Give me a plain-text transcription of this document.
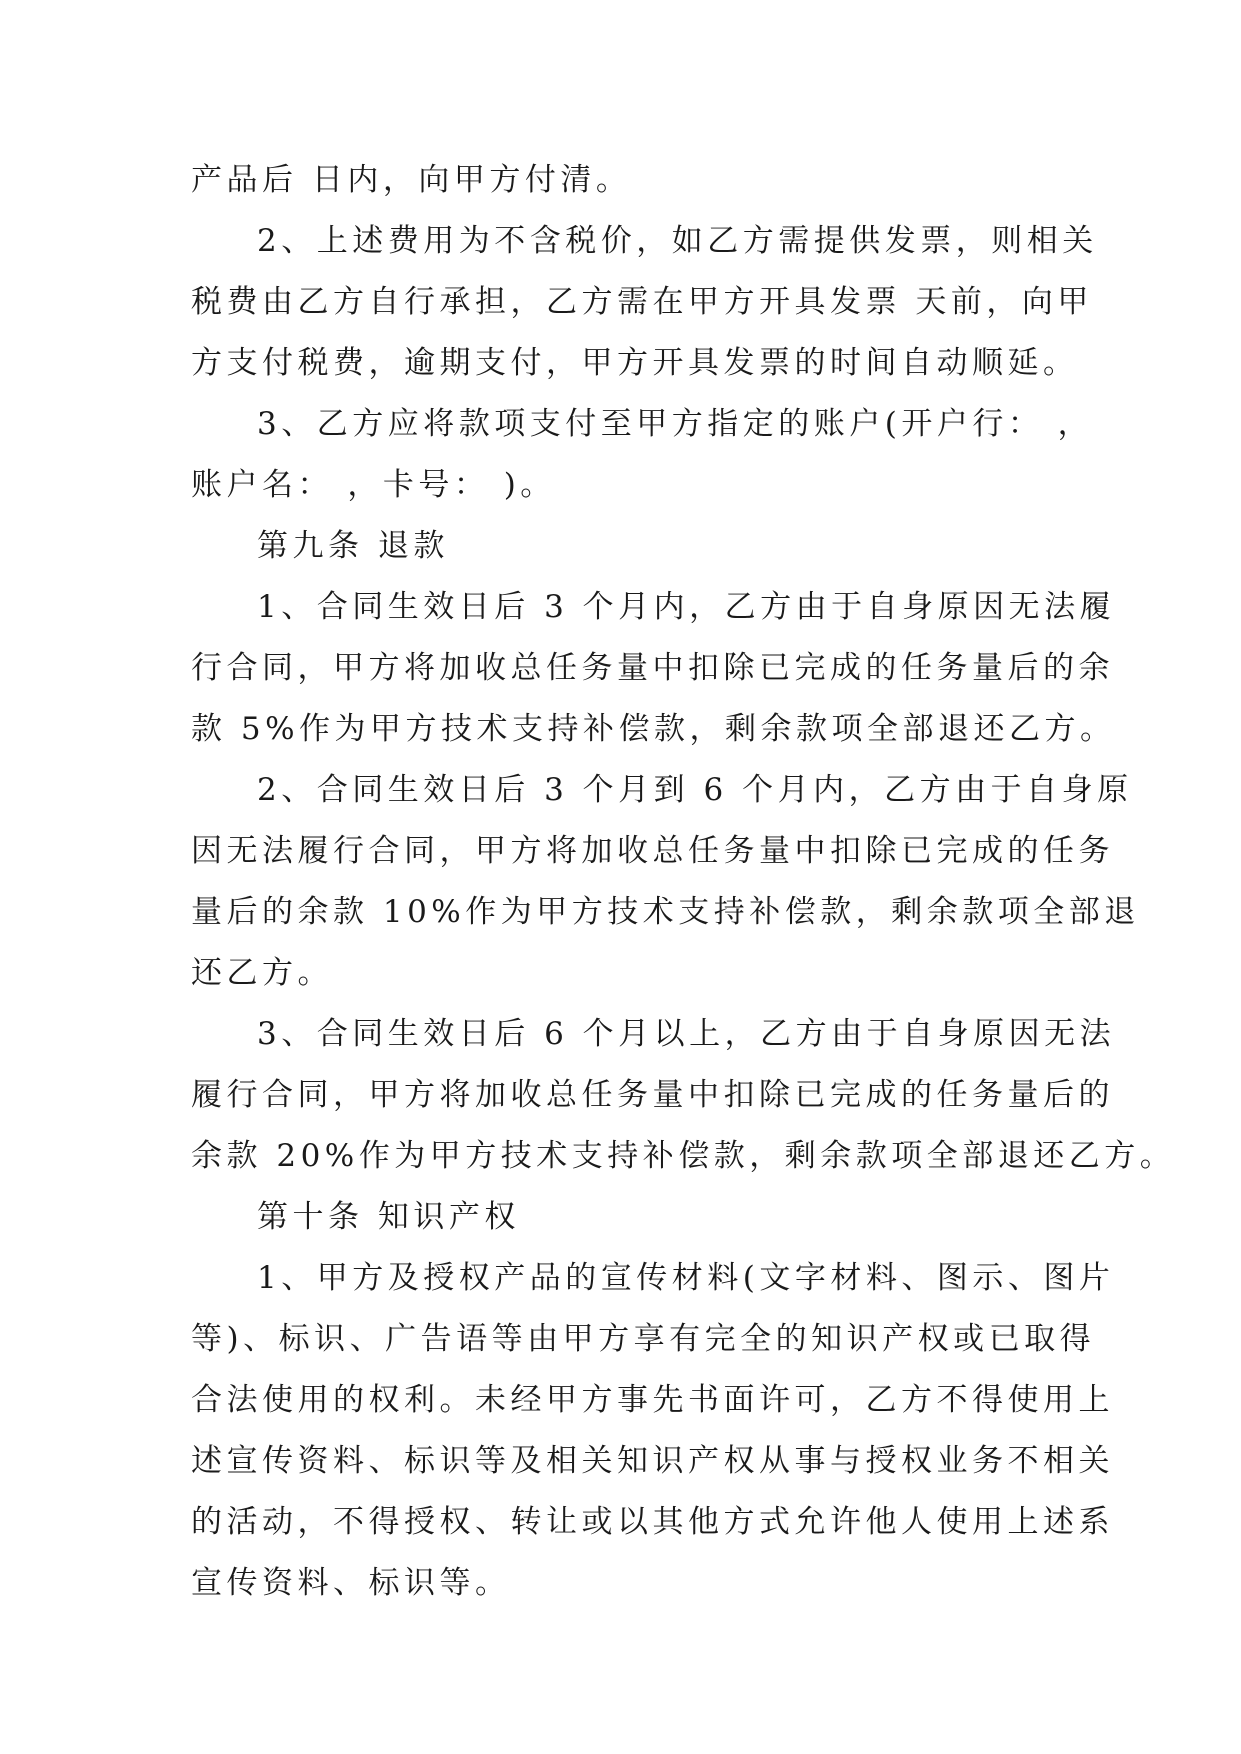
产品后 日内，向甲方付清。
2、上述费用为不含税价，如乙方需提供发票，则相关
税费由乙方自行承担，乙方需在甲方开具发票 天前，向甲
方支付税费，逾期支付，甲方开具发票的时间自动顺延。
3、乙方应将款项支付至甲方指定的账户(开户行： ，
账户名： ，卡号： )。
第九条 退款
1、合同生效日后 3 个月内，乙方由于自身原因无法履
行合同，甲方将加收总任务量中扣除已完成的任务量后的余
款 5%作为甲方技术支持补偿款，剩余款项全部退还乙方。
2、合同生效日后 3 个月到 6 个月内，乙方由于自身原
因无法履行合同，甲方将加收总任务量中扣除已完成的任务
量后的余款 10%作为甲方技术支持补偿款，剩余款项全部退
还乙方。
3、合同生效日后 6 个月以上，乙方由于自身原因无法
履行合同，甲方将加收总任务量中扣除已完成的任务量后的
余款 20%作为甲方技术支持补偿款，剩余款项全部退还乙方。
第十条 知识产权
1、甲方及授权产品的宣传材料(文字材料、图示、图片
等)、标识、广告语等由甲方享有完全的知识产权或已取得
合法使用的权利。未经甲方事先书面许可，乙方不得使用上
述宣传资料、标识等及相关知识产权从事与授权业务不相关
的活动，不得授权、转让或以其他方式允许他人使用上述系
宣传资料、标识等。
